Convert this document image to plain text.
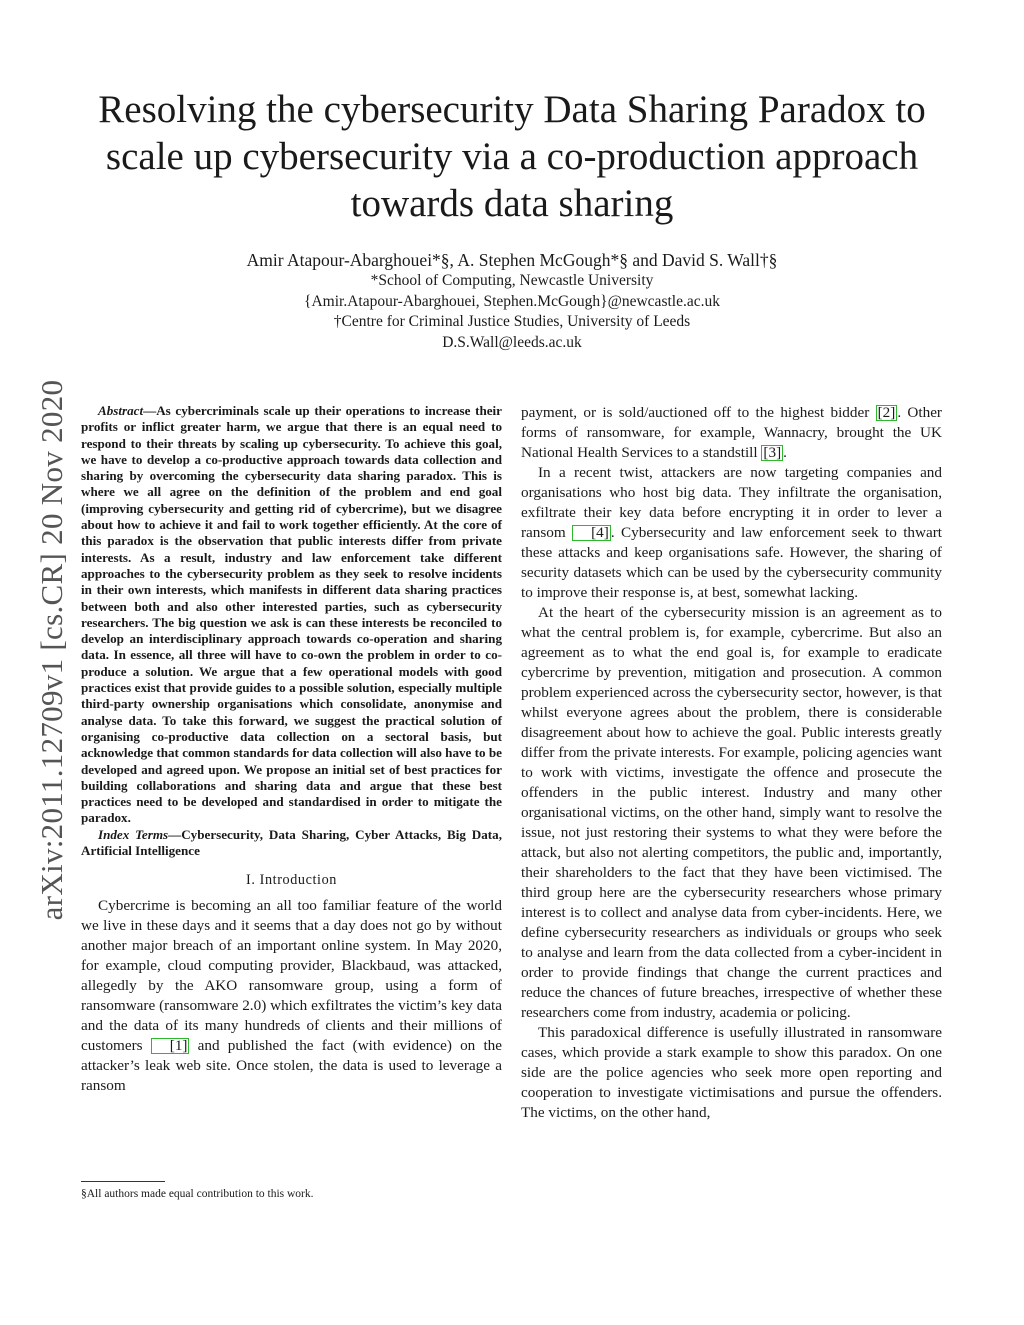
arXiv:2011.12709v1 [cs.CR] 20 Nov 2020
Resolving the cybersecurity Data Sharing Paradox to scale up cybersecurity via a co-production approach towards data sharing
Amir Atapour-Abarghouei*§, A. Stephen McGough*§ and David S. Wall†§
*School of Computing, Newcastle University
{Amir.Atapour-Abarghouei, Stephen.McGough}@newcastle.ac.uk
†Centre for Criminal Justice Studies, University of Leeds
D.S.Wall@leeds.ac.uk

Abstract—As cybercriminals scale up their operations to increase their profits or inflict greater harm, we argue that there is an equal need to respond to their threats by scaling up cybersecurity. To achieve this goal, we have to develop a co-productive approach towards data collection and sharing by overcoming the cybersecurity data sharing paradox. This is where we all agree on the definition of the problem and end goal (improving cybersecurity and getting rid of cybercrime), but we disagree about how to achieve it and fail to work together efficiently. At the core of this paradox is the observation that public interests differ from private interests. As a result, industry and law enforcement take different approaches to the cybersecurity problem as they seek to resolve incidents in their own interests, which manifests in different data sharing practices between both and also other interested parties, such as cybersecurity researchers. The big question we ask is can these interests be reconciled to develop an interdisciplinary approach towards co-operation and sharing data. In essence, all three will have to co-own the problem in order to co-produce a solution. We argue that a few operational models with good practices exist that provide guides to a possible solution, especially multiple third-party ownership organisations which consolidate, anonymise and analyse data. To take this forward, we suggest the practical solution of organising co-productive data collection on a sectoral basis, but acknowledge that common standards for data collection will also have to be developed and agreed upon. We propose an initial set of best practices for building collaborations and sharing data and argue that these best practices need to be developed and standardised in order to mitigate the paradox.

Index Terms—Cybersecurity, Data Sharing, Cyber Attacks, Big Data, Artificial Intelligence

I. Introduction

Cybercrime is becoming an all too familiar feature of the world we live in these days and it seems that a day does not go by without another major breach of an important online system. In May 2020, for example, cloud computing provider, Blackbaud, was attacked, allegedly by the AKO ransomware group, using a form of ransomware (ransomware 2.0) which exfiltrates the victim’s key data and the data of its many hundreds of clients and their millions of customers [1] and published the fact (with evidence) on the attacker’s leak web site. Once stolen, the data is used to leverage a ransom

§All authors made equal contribution to this work.

payment, or is sold/auctioned off to the highest bidder [2] . Other forms of ransomware, for example, Wannacry, brought the UK National Health Services to a standstill [3] .

In a recent twist, attackers are now targeting companies and organisations who host big data. They infiltrate the organisation, exfiltrate their key data before encrypting it in order to lever a ransom [4] . Cybersecurity and law enforcement seek to thwart these attacks and keep organisations safe. However, the sharing of security datasets which can be used by the cybersecurity community to improve their response is, at best, somewhat lacking.

At the heart of the cybersecurity mission is an agreement as to what the central problem is, for example, cybercrime. But also an agreement as to what the end goal is, for example to eradicate cybercrime by prevention, mitigation and prosecution. A common problem experienced across the cybersecurity sector, however, is that whilst everyone agrees about the problem, there is considerable disagreement about how to achieve the goal. Public interests greatly differ from the private interests. For example, policing agencies want to work with victims, investigate the offence and prosecute the offenders in the public interest. Industry and many other organisational victims, on the other hand, simply want to resolve the issue, not just restoring their systems to what they were before the attack, but also not alerting competitors, the public and, importantly, their shareholders to the fact that they have been victimised. The third group here are the cybersecurity researchers whose primary interest is to collect and analyse data from cyber-incidents. Here, we define cybersecurity researchers as individuals or groups who seek to analyse and learn from the data collected from a cyber-incident in order to provide findings that change the current practices and reduce the chances of future breaches, irrespective of whether these researchers come from industry, academia or policing.

This paradoxical difference is usefully illustrated in ransomware cases, which provide a stark example to show this paradox. On one side are the police agencies who seek more open reporting and cooperation to investigate victimisations and pursue the offenders. The victims, on the other hand,
